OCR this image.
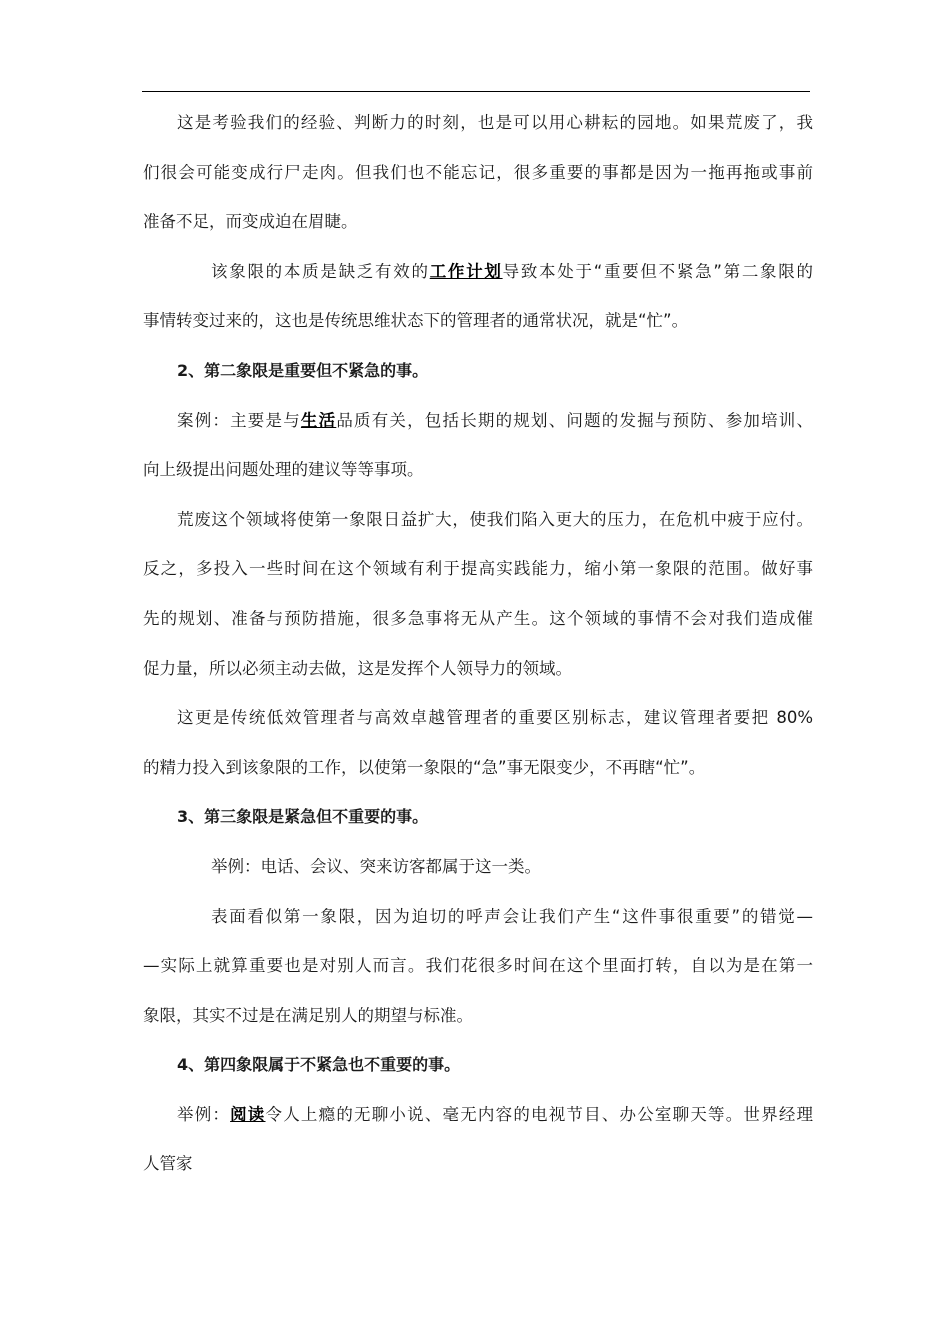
这是考验我们的经验、判断力的时刻，也是可以用心耕耘的园地。如果荒废了，我
们很会可能变成行尸走肉。但我们也不能忘记，很多重要的事都是因为一拖再拖或事前
准备不足，而变成迫在眉睫。
该象限的本质是缺乏有效的工作计划导致本处于“重要但不紧急”第二象限的
事情转变过来的，这也是传统思维状态下的管理者的通常状况，就是“忙”。
2、第二象限是重要但不紧急的事。
案例：主要是与生活品质有关，包括长期的规划、问题的发掘与预防、参加培训、
向上级提出问题处理的建议等等事项。
荒废这个领域将使第一象限日益扩大，使我们陷入更大的压力，在危机中疲于应付。
反之，多投入一些时间在这个领域有利于提高实践能力，缩小第一象限的范围。做好事
先的规划、准备与预防措施，很多急事将无从产生。这个领域的事情不会对我们造成催
促力量，所以必须主动去做，这是发挥个人领导力的领域。
这更是传统低效管理者与高效卓越管理者的重要区别标志，建议管理者要把 80%
的精力投入到该象限的工作，以使第一象限的“急”事无限变少，不再瞎“忙”。
3、第三象限是紧急但不重要的事。
举例：电话、会议、突来访客都属于这一类。
表面看似第一象限，因为迫切的呼声会让我们产生“这件事很重要”的错觉—
—实际上就算重要也是对别人而言。我们花很多时间在这个里面打转，自以为是在第一
象限，其实不过是在满足别人的期望与标准。
4、第四象限属于不紧急也不重要的事。
举例：阅读令人上瘾的无聊小说、毫无内容的电视节目、办公室聊天等。世界经理
人管家
